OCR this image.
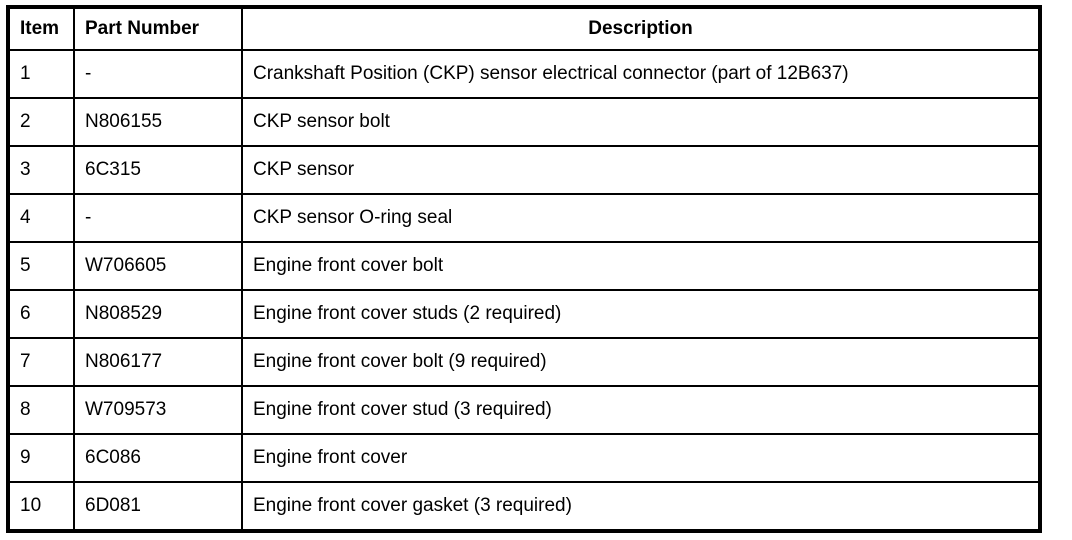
Item	Part Number	Description
1	-	Crankshaft Position (CKP) sensor electrical connector (part of 12B637)
2	N806155	CKP sensor bolt
3	6C315	CKP sensor
4	-	CKP sensor O-ring seal
5	W706605	Engine front cover bolt
6	N808529	Engine front cover studs (2 required)
7	N806177	Engine front cover bolt (9 required)
8	W709573	Engine front cover stud (3 required)
9	6C086	Engine front cover
10	6D081	Engine front cover gasket (3 required)
